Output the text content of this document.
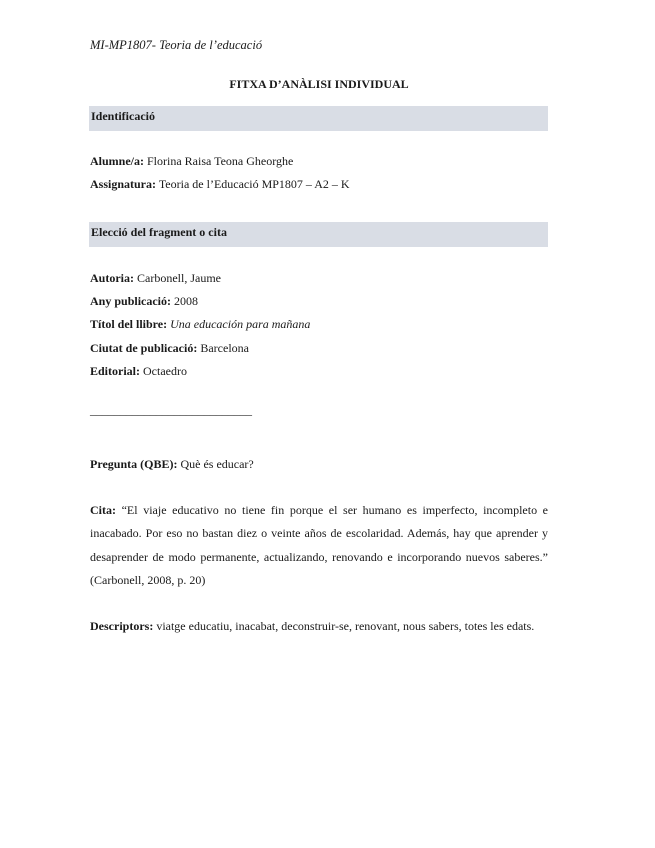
MI-MP1807- Teoria de l’educació
FITXA D’ANÀLISI INDIVIDUAL
Identificació
Alumne/a: Florina Raisa Teona Gheorghe
Assignatura: Teoria de l’Educació MP1807 – A2 – K
Elecció del fragment o cita
Autoria: Carbonell, Jaume
Any publicació: 2008
Títol del llibre: Una educación para mañana
Ciutat de publicació: Barcelona
Editorial: Octaedro
___________________________
Pregunta (QBE): Què és educar?
Cita: “El viaje educativo no tiene fin porque el ser humano es imperfecto, incompleto e inacabado. Por eso no bastan diez o veinte años de escolaridad. Además, hay que aprender y desaprender de modo permanente, actualizando, renovando e incorporando nuevos saberes.” (Carbonell, 2008, p. 20)
Descriptors: viatge educatiu, inacabat, deconstruir-se, renovant, nous sabers, totes les edats.
